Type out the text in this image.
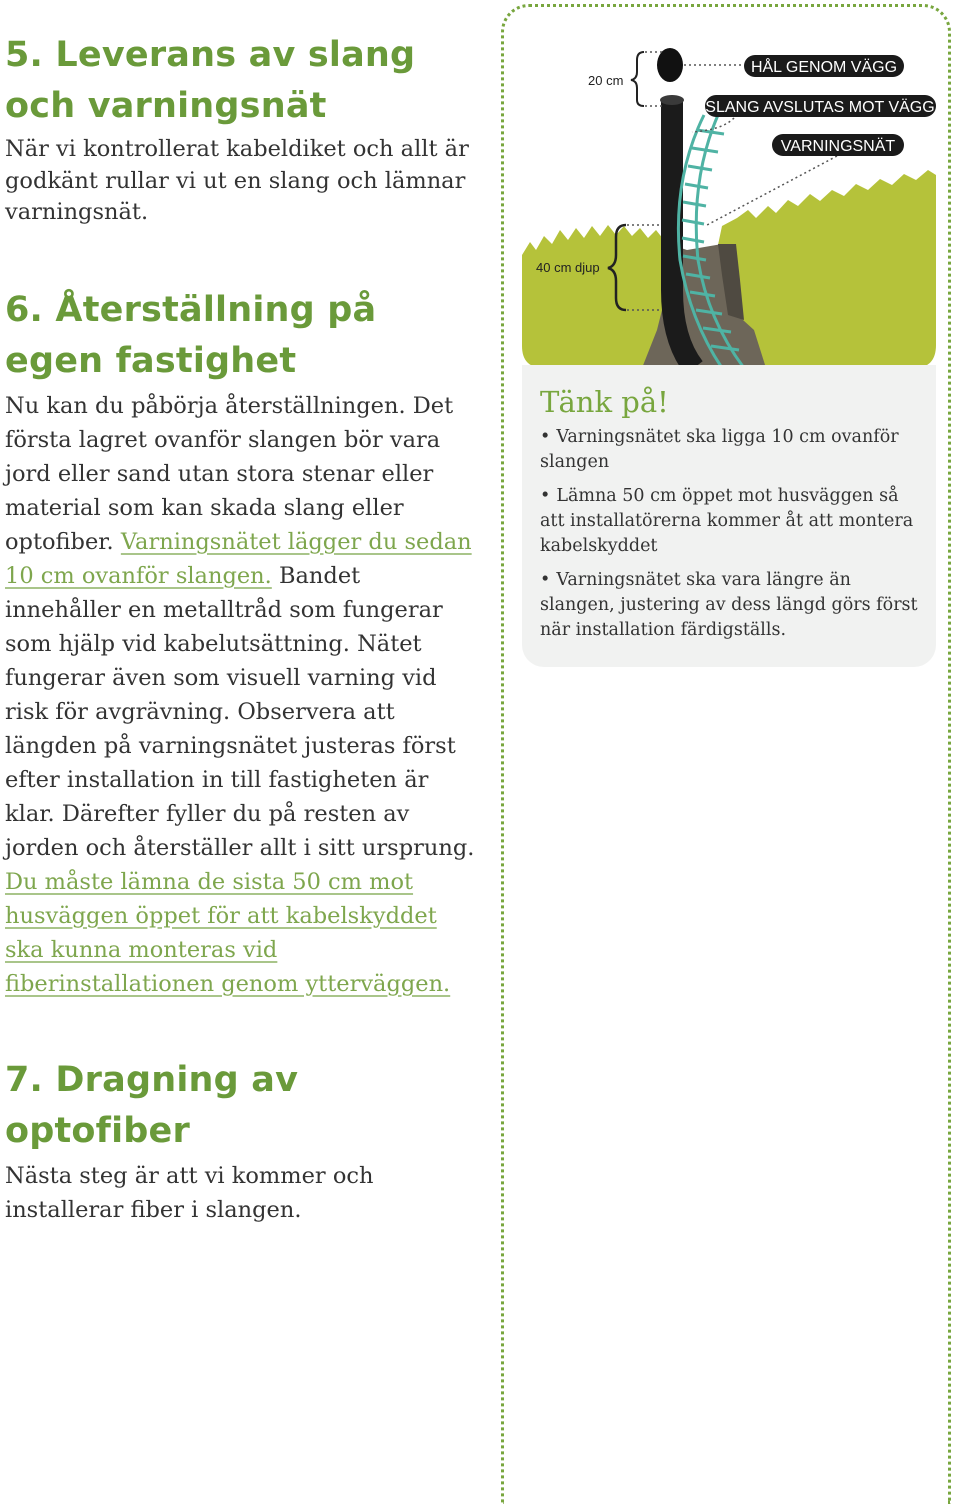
5. Leverans av slang
och varningsnät

När vi kontrollerat kabeldiket och allt är godkänt rullar vi ut en slang och lämnar varningsnät.

6. Återställning på
egen fastighet

Nu kan du påbörja återställningen. Det första lagret ovanför slangen bör vara jord eller sand utan stora stenar eller material som kan skada slang eller optofiber. Varningsnätet lägger du sedan 10 cm ovanför slangen. Bandet innehåller en metalltråd som fungerar som hjälp vid kabelutsättning. Nätet fungerar även som visuell varning vid risk för avgrävning. Observera att längden på varningsnätet justeras först efter installation in till fastigheten är klar. Därefter fyller du på resten av jorden och återställer allt i sitt ursprung. Du måste lämna de sista 50 cm mot husväggen öppet för att kabelskyddet ska kunna monteras vid fiberinstallationen genom ytterväggen.

7. Dragning av
optofiber

Nästa steg är att vi kommer och installerar fiber i slangen.

HÅL GENOM VÄGG
SLANG AVSLUTAS MOT VÄGG
VARNINGSNÄT
20 cm
40 cm djup
Tänk på!
• Varningsnätet ska ligga 10 cm ovanför slangen
• Lämna 50 cm öppet mot husväggen så att installatörerna kommer åt att montera kabelskyddet
• Varningsnätet ska vara längre än slangen, justering av dess längd görs först när installation färdigställs.
